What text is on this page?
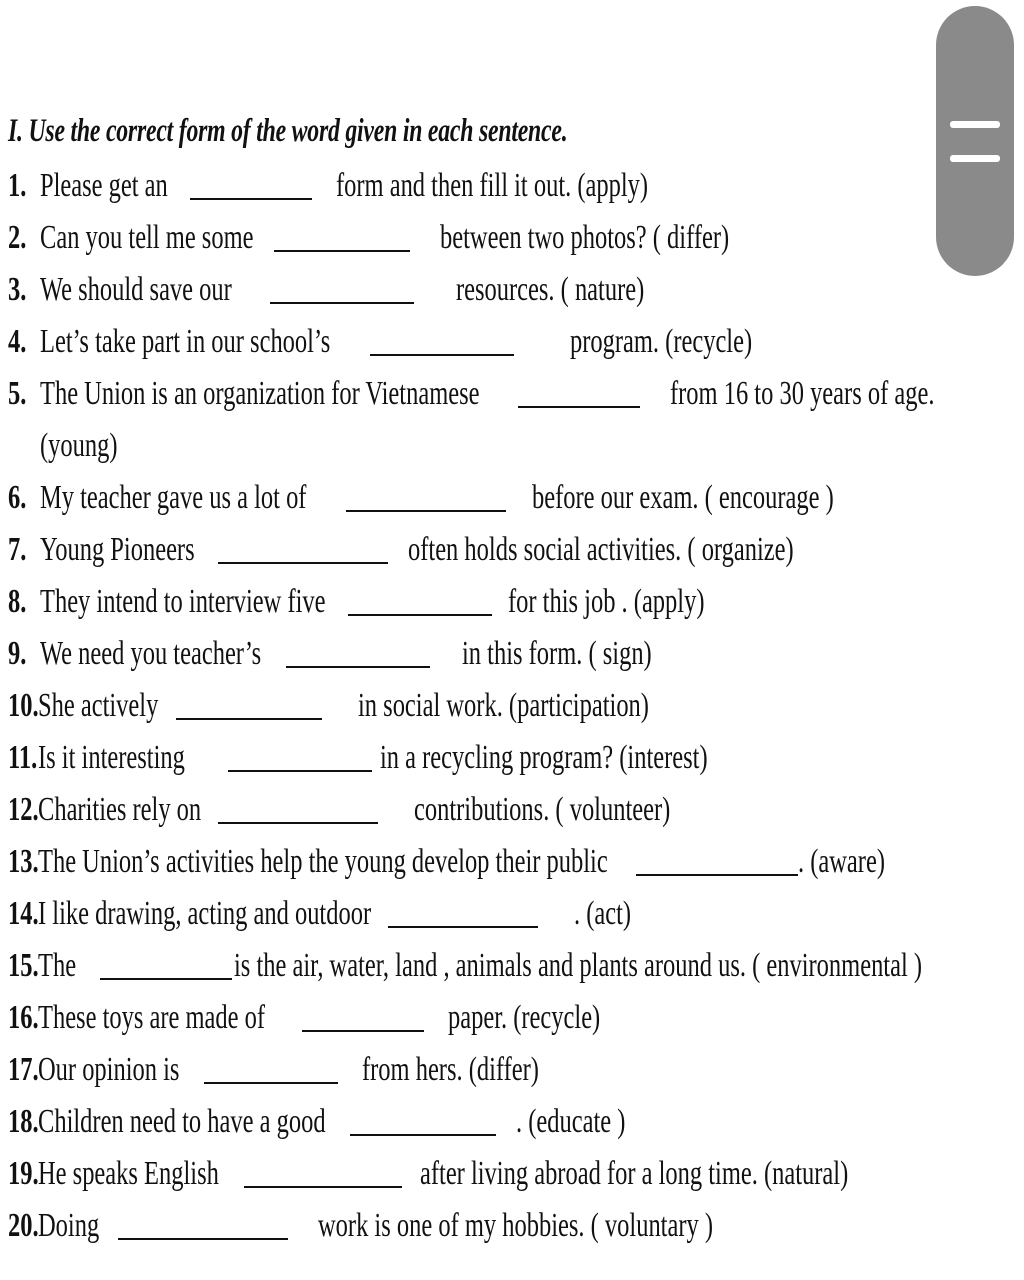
I. Use the correct form of the word given in each sentence.
1. Please get an	form and then fill it out. (apply)
2. Can you tell me some	between two photos? ( differ)
3. We should save our	resources. ( nature)
4. Let’s take part in our school’s	program. (recycle)
5. The Union is an organization for Vietnamese	from 16 to 30 years of age.
(young)
6. My teacher gave us a lot of	before our exam. ( encourage )
7. Young Pioneers	often holds social activities. ( organize)
8. They intend to interview five	for this job . (apply)
9. We need you teacher’s	in this form. ( sign)
10. She actively	in social work. (participation)
11. Is it interesting	in a recycling program? (interest)
12. Charities rely on	contributions. ( volunteer)
13. The Union’s activities help the young develop their public	. (aware)
14. I like drawing, acting and outdoor	. (act)
15. The	is the air, water, land , animals and plants around us. ( environmental )
16. These toys are made of	paper. (recycle)
17. Our opinion is	from hers. (differ)
18. Children need to have a good	. (educate )
19. He speaks English	after living abroad for a long time. (natural)
20. Doing	work is one of my hobbies. ( voluntary )
